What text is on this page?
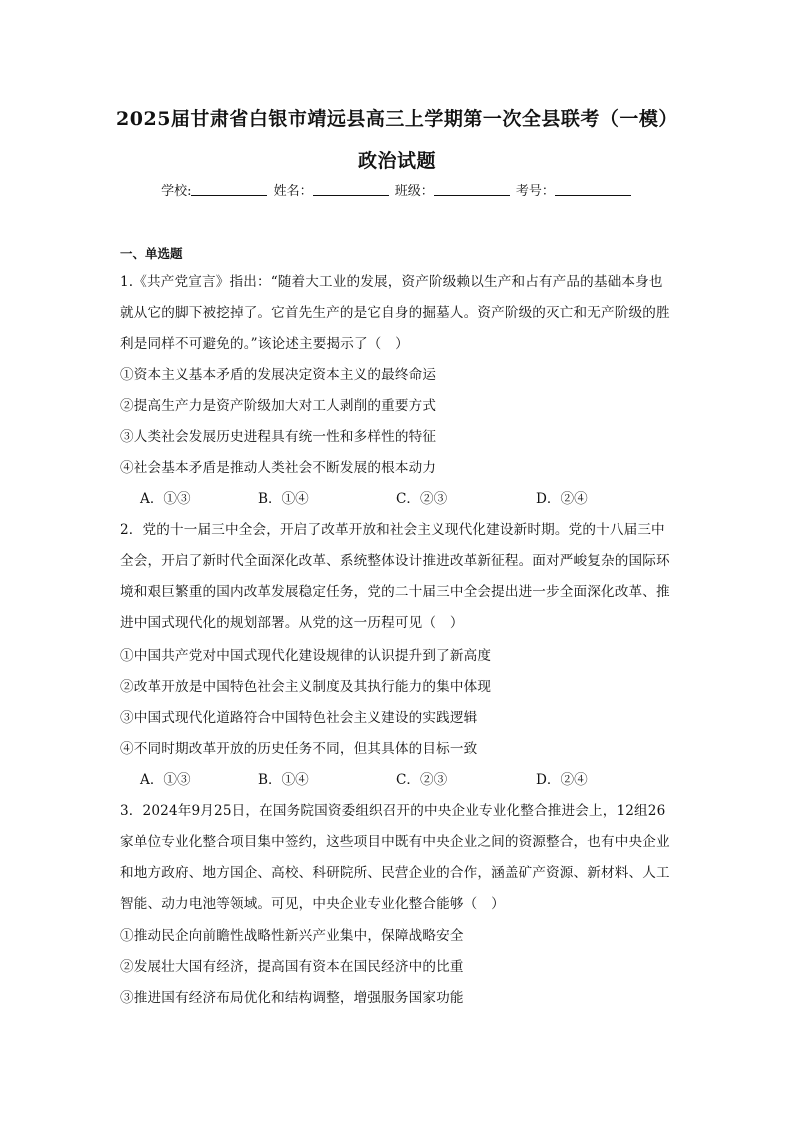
2025届甘肃省白银市靖远县高三上学期第一次全县联考（一模）
政治试题
学校:	姓名：	班级：	考号：
一、单选题
1.《共产党宣言》指出：“随着大工业的发展，资产阶级赖以生产和占有产品的基础本身也
就从它的脚下被挖掉了。它首先生产的是它自身的掘墓人。资产阶级的灭亡和无产阶级的胜
利是同样不可避免的。”该论述主要揭示了（　）
①资本主义基本矛盾的发展决定资本主义的最终命运
②提高生产力是资产阶级加大对工人剥削的重要方式
③人类社会发展历史进程具有统一性和多样性的特征
④社会基本矛盾是推动人类社会不断发展的根本动力
A．①③	B．①④	C．②③	D．②④
2．党的十一届三中全会，开启了改革开放和社会主义现代化建设新时期。党的十八届三中
全会，开启了新时代全面深化改革、系统整体设计推进改革新征程。面对严峻复杂的国际环
境和艰巨繁重的国内改革发展稳定任务，党的二十届三中全会提出进一步全面深化改革、推
进中国式现代化的规划部署。从党的这一历程可见（　）
①中国共产党对中国式现代化建设规律的认识提升到了新高度
②改革开放是中国特色社会主义制度及其执行能力的集中体现
③中国式现代化道路符合中国特色社会主义建设的实践逻辑
④不同时期改革开放的历史任务不同，但其具体的目标一致
A．①③	B．①④	C．②③	D．②④
3．2024年9月25日，在国务院国资委组织召开的中央企业专业化整合推进会上，12组26
家单位专业化整合项目集中签约，这些项目中既有中央企业之间的资源整合，也有中央企业
和地方政府、地方国企、高校、科研院所、民营企业的合作，涵盖矿产资源、新材料、人工
智能、动力电池等领域。可见，中央企业专业化整合能够（　）
①推动民企向前瞻性战略性新兴产业集中，保障战略安全
②发展壮大国有经济，提高国有资本在国民经济中的比重
③推进国有经济布局优化和结构调整，增强服务国家功能
